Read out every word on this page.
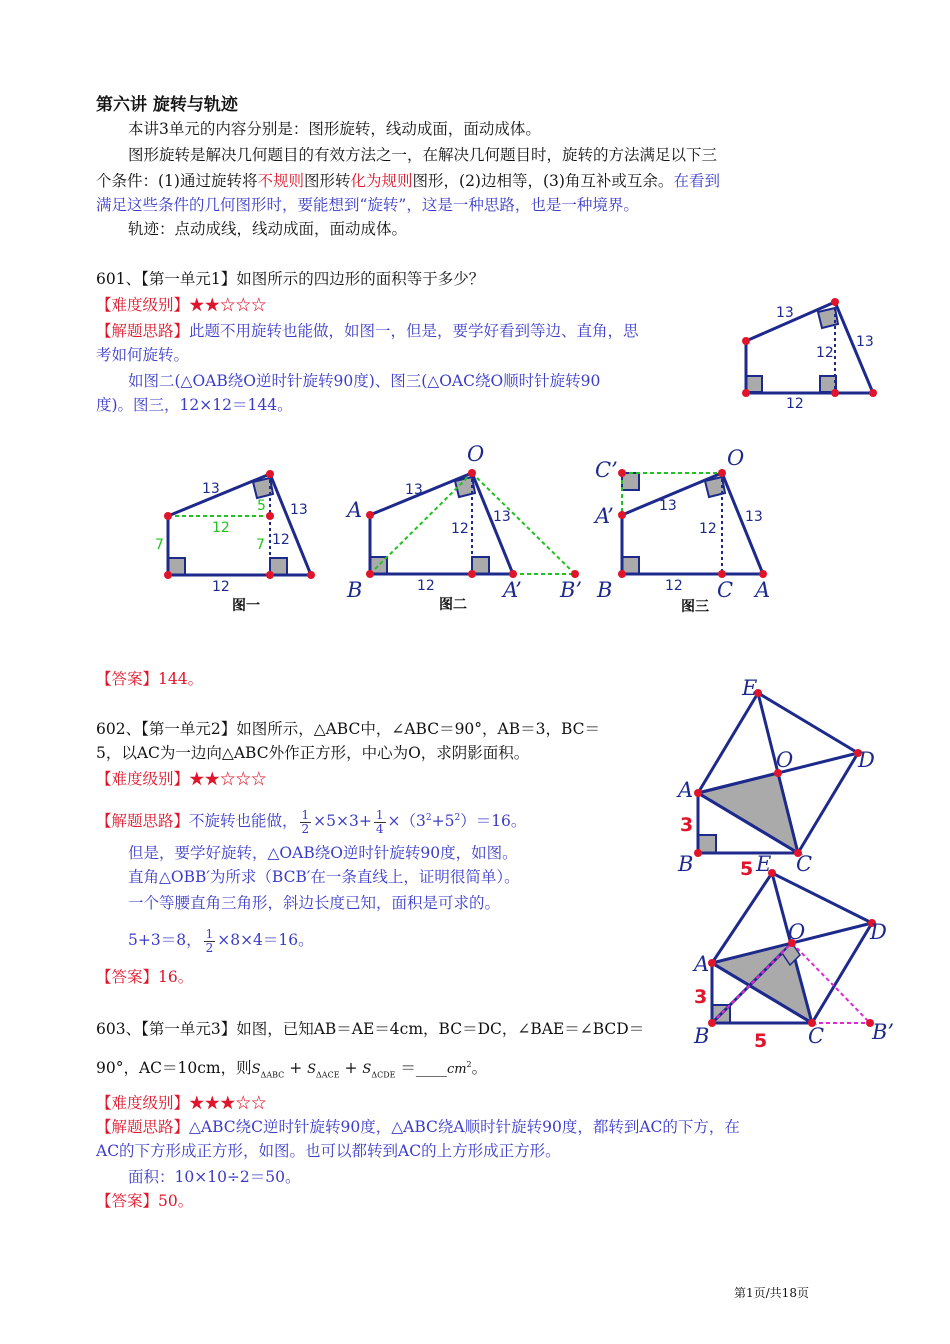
第六讲 旋转与轨迹
本讲3单元的内容分别是：图形旋转，线动成面，面动成体。
图形旋转是解决几何题目的有效方法之一，在解决几何题目时，旋转的方法满足以下三
个条件：(1)通过旋转将不规则图形转化为规则图形，(2)边相等，(3)角互补或互余。在看到
满足这些条件的几何图形时，要能想到“旋转”，这是一种思路，也是一种境界。
轨迹：点动成线，线动成面，面动成体。
601、【第一单元1】如图所示的四边形的面积等于多少？
【难度级别】★★☆☆☆
【解题思路】此题不用旋转也能做，如图一，但是，要学好看到等边、直角，思
考如何旋转。
如图二(△OAB绕O逆时针旋转90度)、图三(△OAC绕O顺时针旋转90
度)。图三，12×12＝144。
13
13
12
12
13
13
5
12
7	7 12
12
图一
O
A
B	A’ B’
13
13
12
12
图二
O
C’
A’
B	C A
13
13
12
12
图三
【答案】144。
602、【第一单元2】如图所示，△ABC中，∠ABC＝90°，AB＝3，BC＝
5，以AC为一边向△ABC外作正方形，中心为O，求阴影面积。
【难度级别】★★☆☆☆
【解题思路】不旋转也能做， $\frac{1}{2} \times 5\times 3+ \frac{1}{4} \times(3^2+5^2)=16$。
但是，要学好旋转，△OAB绕O逆时针旋转90度，如图。
直角△OBB′为所求（BCB′在一条直线上，证明很简单）。
一个等腰直角三角形，斜边长度已知，面积是可求的。
5+3＝8， $\frac{1}{2} \times 8\times 4=16$。
【答案】16。
E
D
O
A
B	C
3
5 E
D
O
A
B	C B’
3
5
603、【第一单元3】如图，已知AB＝AE＝4cm，BC＝DC，∠BAE＝∠BCD＝
90°，AC＝10cm，则$S_{\Delta ABC} + S_{\Delta ACE} + S_{\Delta CDE}$ $=\_\_\_\_cm^2$。
【难度级别】★★★☆☆
【解题思路】△ABC绕C逆时针旋转90度，△ABC绕A顺时针旋转90度，都转到AC的下方，在
AC的下方形成正方形，如图。也可以都转到AC的上方形成正方形。
面积：10×10÷2＝50。
【答案】50。
第1页/共18页
